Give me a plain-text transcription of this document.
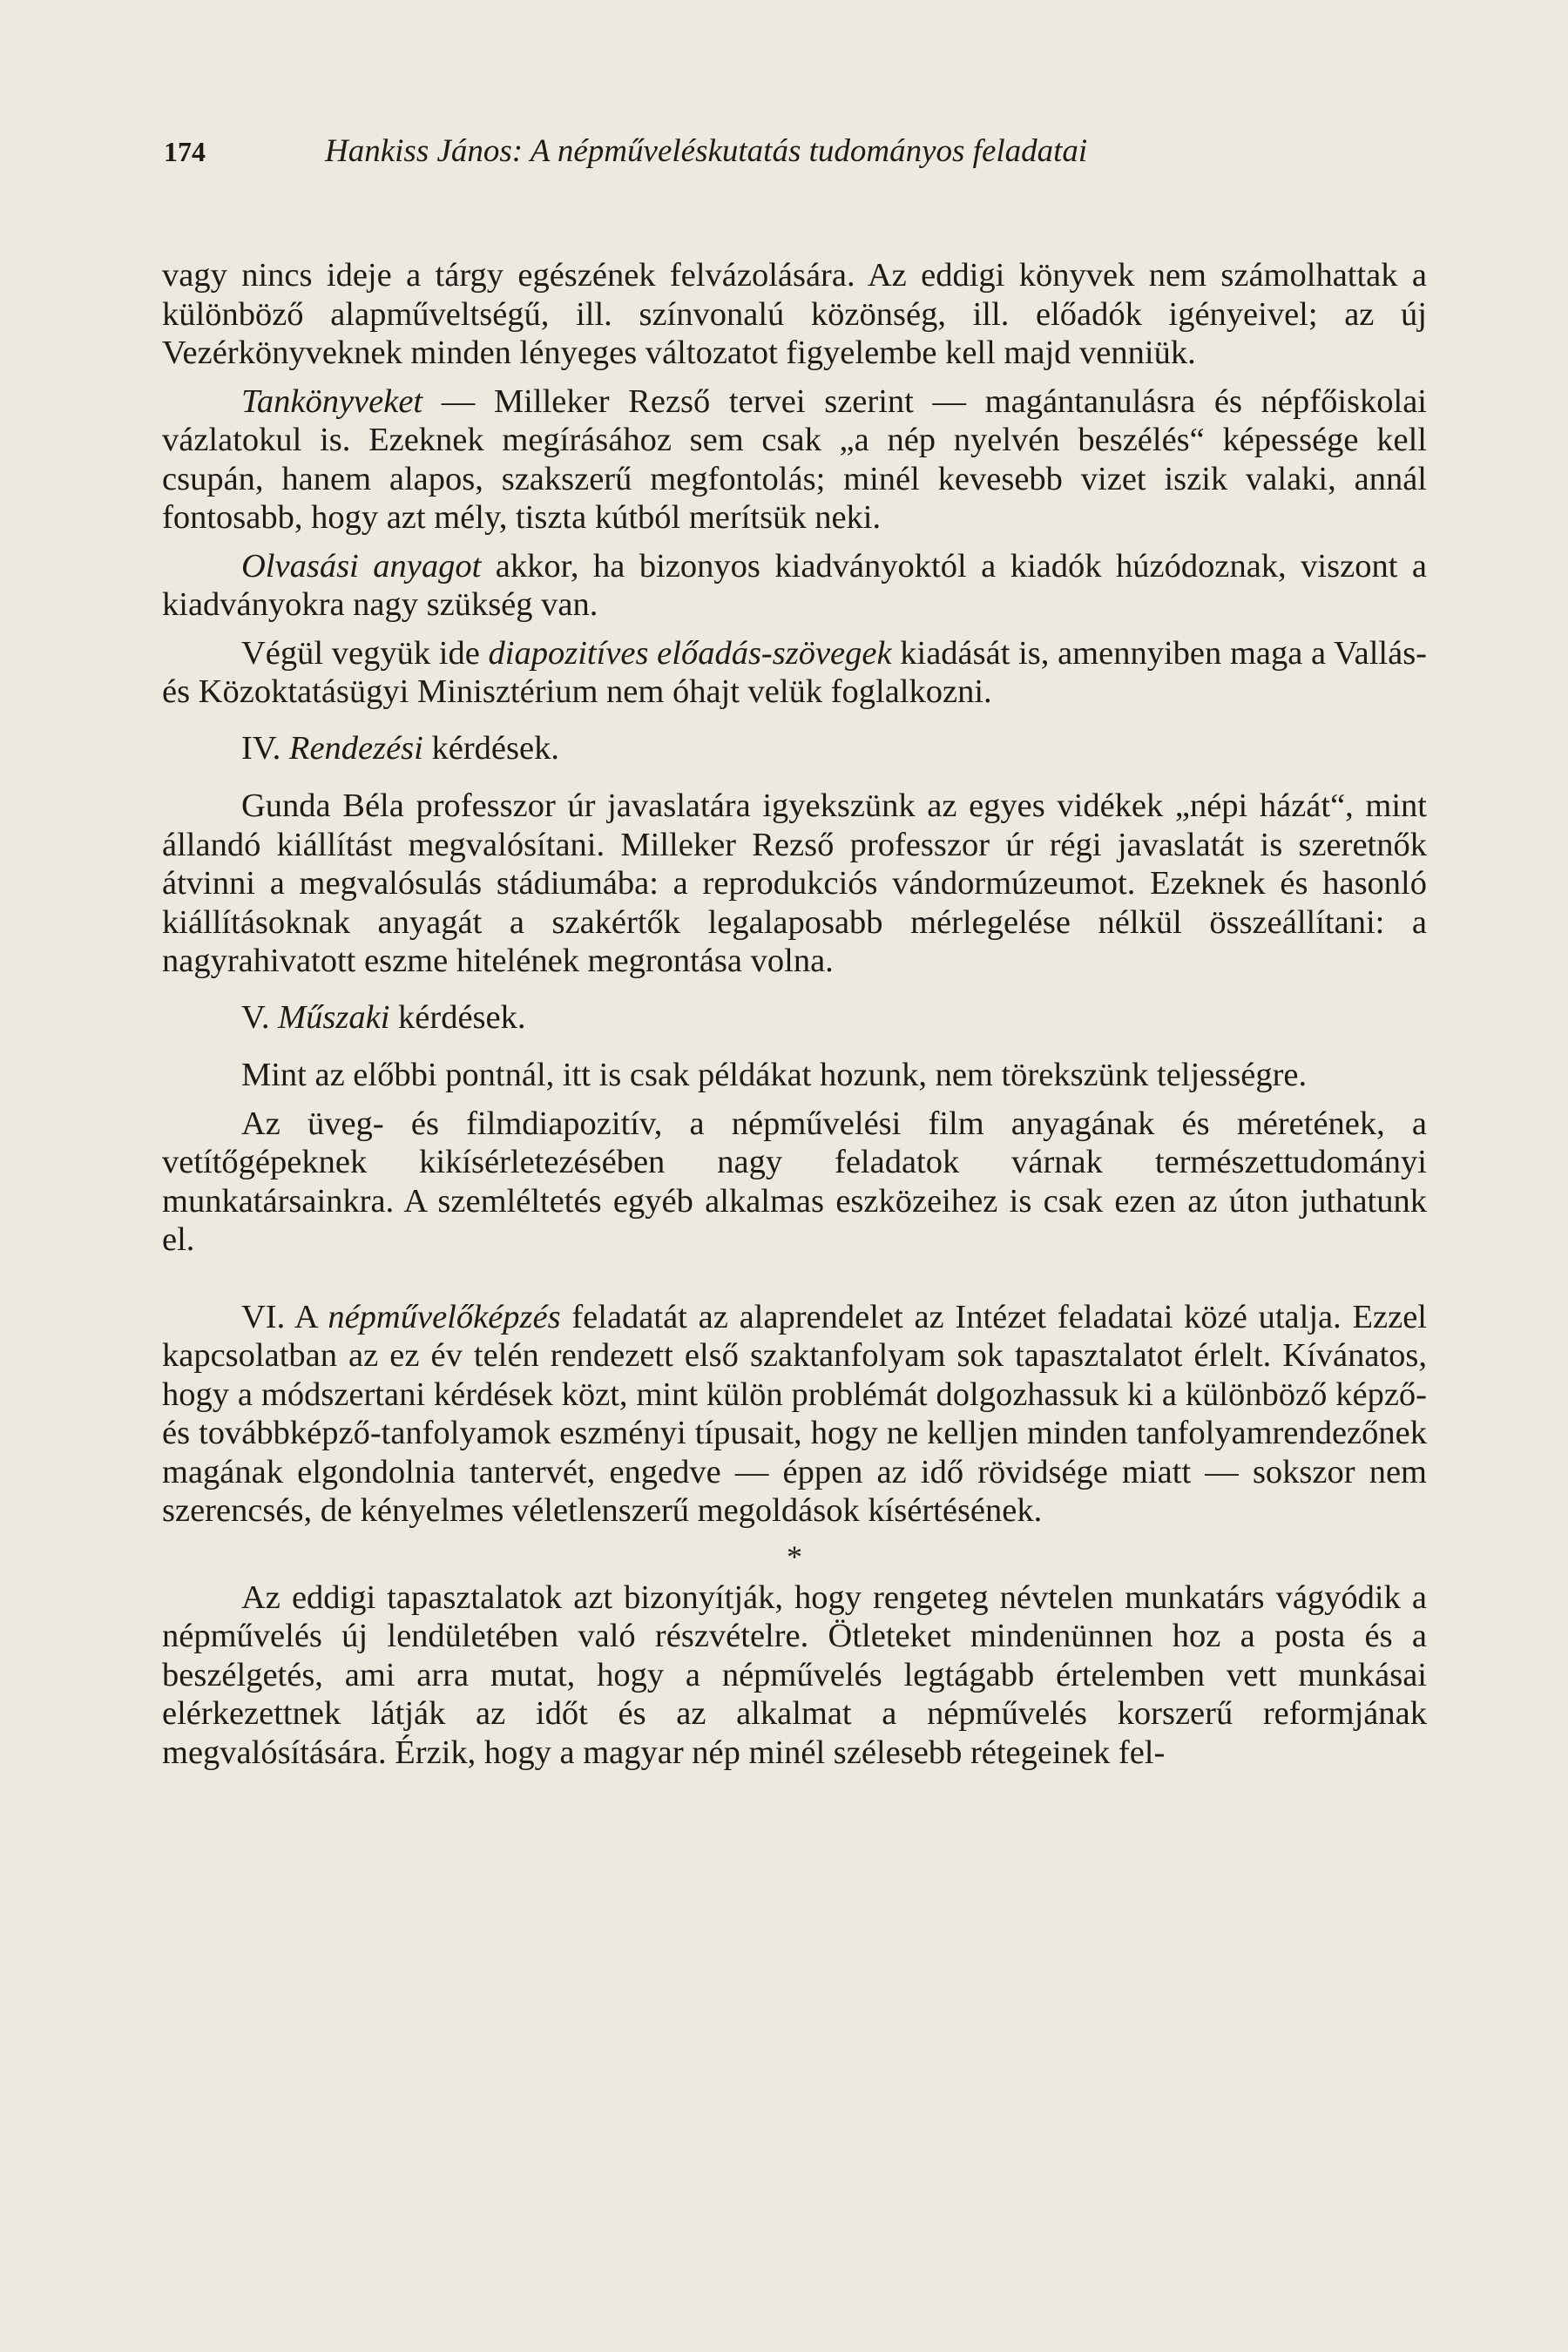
174	Hankiss János: A népműveléskutatás tudományos feladatai

vagy nincs ideje a tárgy egészének felvázolására. Az eddigi könyvek nem számolhattak a különböző alapműveltségű, ill. színvonalú közönség, ill. előadók igényeivel; az új Vezérkönyveknek minden lényeges változatot figyelembe kell majd venniük.

Tankönyveket — Milleker Rezső tervei szerint — magántanulásra és népfőiskolai vázlatokul is. Ezeknek megírásához sem csak „a nép nyelvén beszélés“ képessége kell csupán, hanem alapos, szakszerű megfontolás; minél kevesebb vizet iszik valaki, annál fontosabb, hogy azt mély, tiszta kútból merítsük neki.

Olvasási anyagot akkor, ha bizonyos kiadványoktól a kiadók húzódoznak, viszont a kiadványokra nagy szükség van.

Végül vegyük ide diapozitíves előadás-szövegek kiadását is, amennyiben maga a Vallás- és Közoktatásügyi Minisztérium nem óhajt velük foglalkozni.

IV. Rendezési kérdések.

Gunda Béla professzor úr javaslatára igyekszünk az egyes vidékek „népi házát“, mint állandó kiállítást megvalósítani. Milleker Rezső professzor úr régi javaslatát is szeretnők átvinni a megvalósulás stádiumába: a reprodukciós vándormúzeumot. Ezeknek és hasonló kiállításoknak anyagát a szakértők legalaposabb mérlegelése nélkül összeállítani: a nagyrahivatott eszme hitelének megrontása volna.

V. Műszaki kérdések.

Mint az előbbi pontnál, itt is csak példákat hozunk, nem törekszünk teljességre.

Az üveg- és filmdiapozitív, a népművelési film anyagának és méretének, a vetítőgépeknek kikísérletezésében nagy feladatok várnak természettudományi munkatársainkra. A szemléltetés egyéb alkalmas eszközeihez is csak ezen az úton juthatunk el.

VI. A népművelőképzés feladatát az alaprendelet az Intézet feladatai közé utalja. Ezzel kapcsolatban az ez év telén rendezett első szaktanfolyam sok tapasztalatot érlelt. Kívánatos, hogy a módszertani kérdések közt, mint külön problémát dolgozhassuk ki a különböző képző- és továbbképző-tanfolyamok eszményi típusait, hogy ne kelljen minden tanfolyamrendezőnek magának elgondolnia tantervét, engedve — éppen az idő rövidsége miatt — sokszor nem szerencsés, de kényelmes véletlenszerű megoldások kísértésének.

*

Az eddigi tapasztalatok azt bizonyítják, hogy rengeteg névtelen munkatárs vágyódik a népművelés új lendületében való részvételre. Ötleteket mindenünnen hoz a posta és a beszélgetés, ami arra mutat, hogy a népművelés legtágabb értelemben vett munkásai elérkezettnek látják az időt és az alkalmat a népművelés korszerű reformjának megvalósítására. Érzik, hogy a magyar nép minél szélesebb rétegeinek fel-
